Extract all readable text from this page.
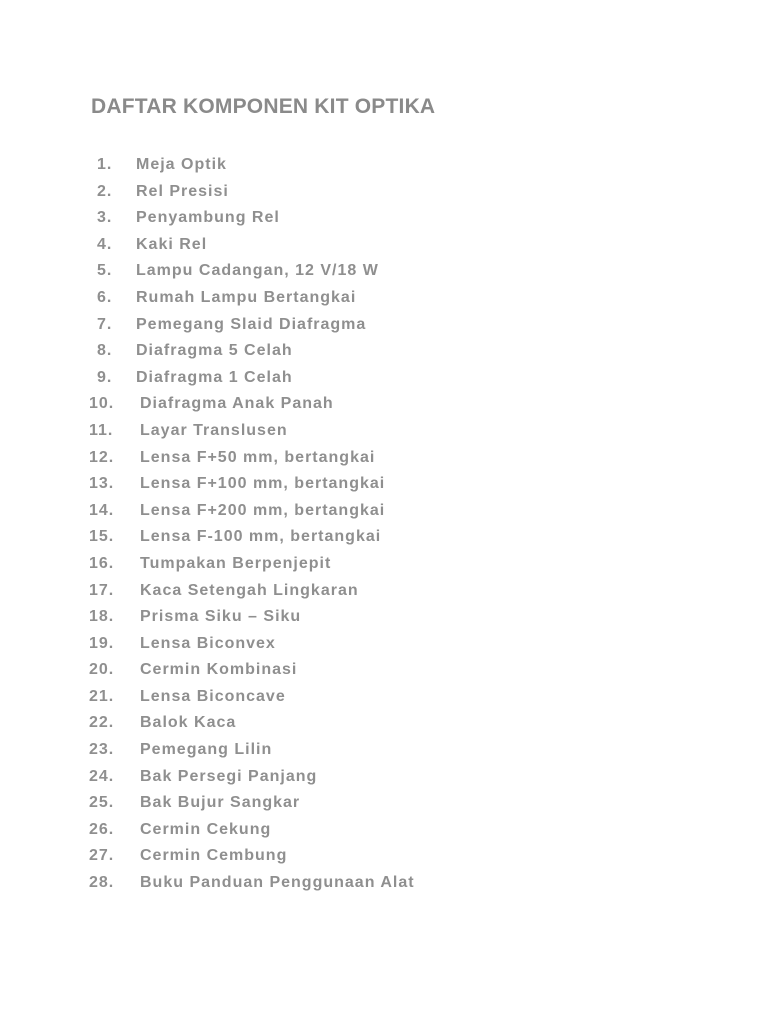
DAFTAR KOMPONEN KIT OPTIKA
1. Meja Optik
2. Rel Presisi
3. Penyambung Rel
4. Kaki Rel
5. Lampu Cadangan, 12 V/18 W
6. Rumah Lampu Bertangkai
7. Pemegang Slaid Diafragma
8. Diafragma 5 Celah
9. Diafragma 1 Celah
10. Diafragma Anak Panah
11. Layar Translusen
12. Lensa F+50 mm, bertangkai
13. Lensa F+100 mm, bertangkai
14. Lensa F+200 mm, bertangkai
15. Lensa F-100 mm, bertangkai
16. Tumpakan Berpenjepit
17. Kaca Setengah Lingkaran
18. Prisma Siku – Siku
19. Lensa Biconvex
20. Cermin Kombinasi
21. Lensa Biconcave
22. Balok Kaca
23. Pemegang Lilin
24. Bak Persegi Panjang
25. Bak Bujur Sangkar
26. Cermin Cekung
27. Cermin Cembung
28. Buku Panduan Penggunaan Alat
